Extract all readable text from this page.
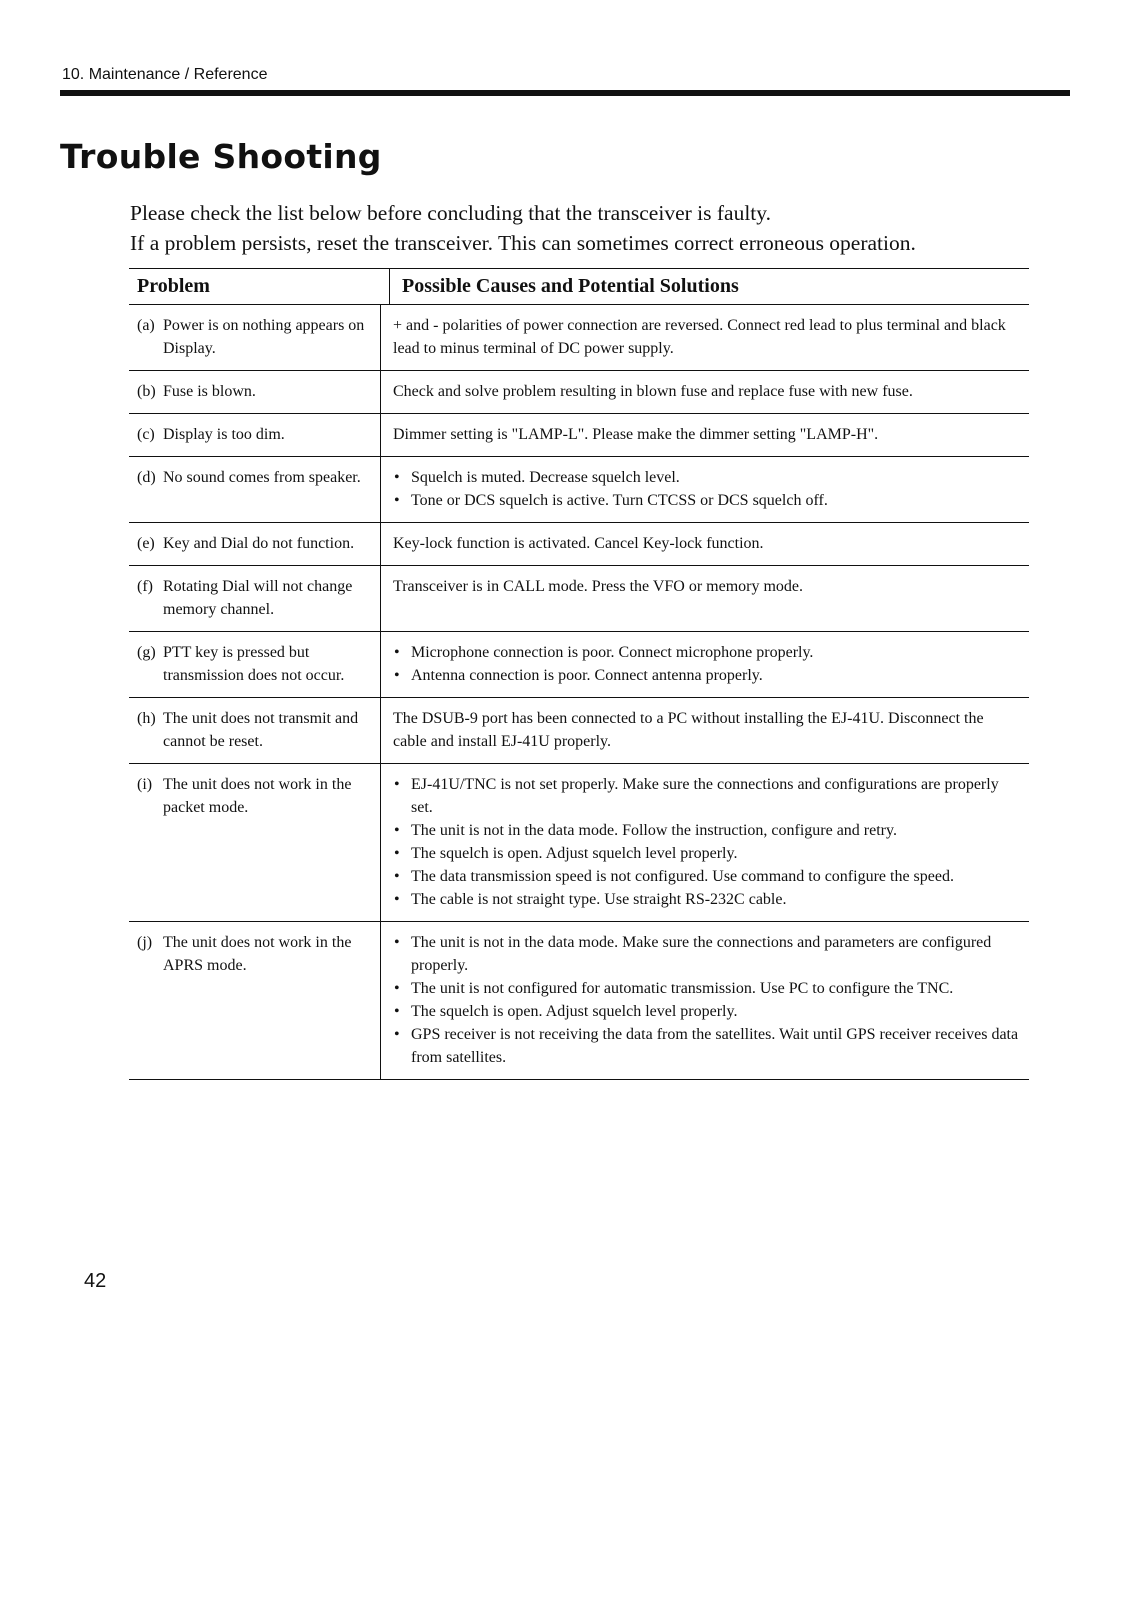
10. Maintenance / Reference
Trouble Shooting

Please check the list below before concluding that the transceiver is faulty.

If a problem persists, reset the transceiver. This can sometimes correct erroneous operation.

Problem	Possible Causes and Potential Solutions
(a) Power is on nothing appears on Display.
+ and - polarities of power connection are reversed. Connect red lead to plus terminal and black lead to minus terminal of DC power supply.
(b) Fuse is blown.	Check and solve problem resulting in blown fuse and replace fuse with new fuse.
(c) Display is too dim.	Dimmer setting is "LAMP-L". Please make the dimmer setting "LAMP-H".
(d) No sound comes from speaker.
•	Squelch is muted. Decrease squelch level.
• Tone or DCS squelch is active. Turn CTCSS or DCS squelch off.
(e) Key and Dial do not function.	Key-lock function is activated. Cancel Key-lock function.
(f) Rotating Dial will not change memory channel.
Transceiver is in CALL mode. Press the VFO or memory mode.
(g) PTT key is pressed but transmission does not occur.
• Microphone connection is poor. Connect microphone properly.
• Antenna connection is poor. Connect antenna properly.
(h) The unit does not transmit and cannot be reset.
The DSUB-9 port has been connected to a PC without installing the EJ-41U. Disconnect the cable and install EJ-41U properly.
(i) The unit does not work in the packet mode.
• EJ-41U/TNC is not set properly. Make sure the connections and configurations are properly set.
• The unit is not in the data mode. Follow the instruction, configure and retry.
• The squelch is open. Adjust squelch level properly.
• The data transmission speed is not configured. Use command to configure the speed.
• The cable is not straight type. Use straight RS-232C cable.
(j) The unit does not work in the APRS mode.
• The unit is not in the data mode. Make sure the connections and parameters are configured properly.
• The unit is not configured for automatic transmission. Use PC to configure the TNC.
• The squelch is open. Adjust squelch level properly.
• GPS receiver is not receiving the data from the satellites. Wait until GPS receiver receives data from satellites.
42
